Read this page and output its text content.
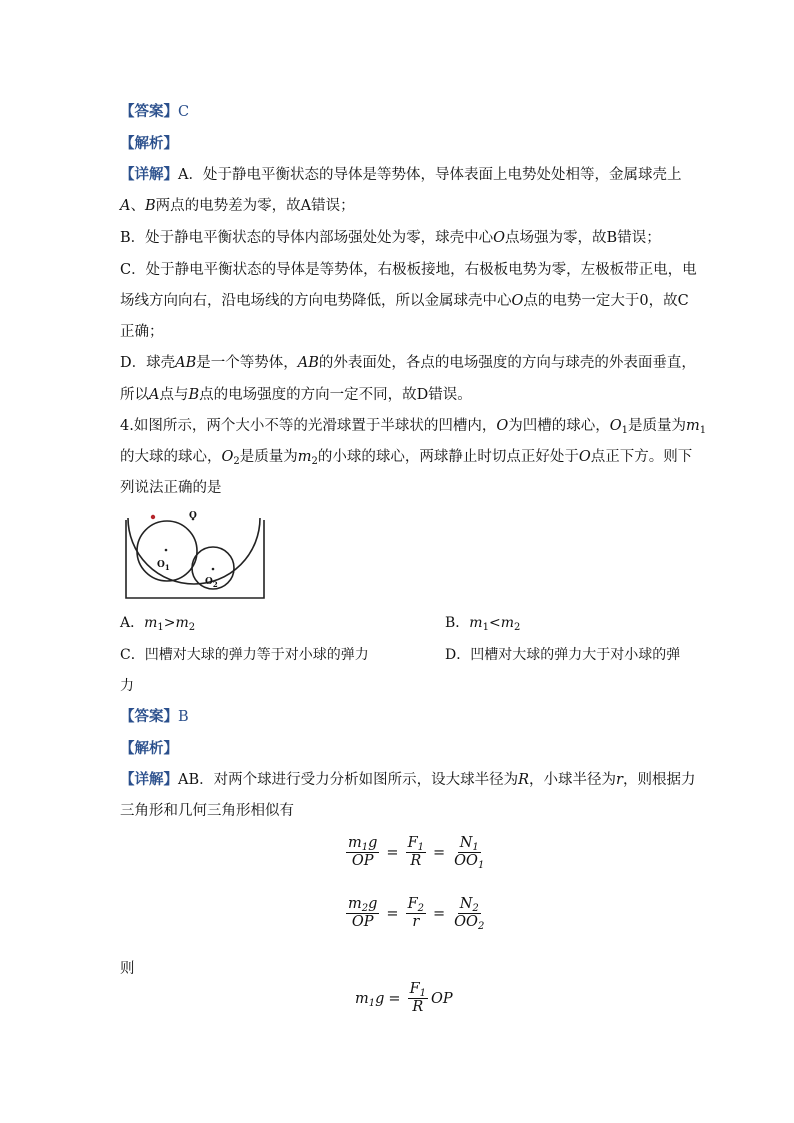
【答案】C
【解析】
【详解】A．处于静电平衡状态的导体是等势体，导体表面上电势处处相等，金属球壳上
A、B两点的电势差为零，故A错误；
B．处于静电平衡状态的导体内部场强处处为零，球壳中心O点场强为零，故B错误；
C．处于静电平衡状态的导体是等势体，右极板接地，右极板电势为零，左极板带正电，电
场线方向向右，沿电场线的方向电势降低，所以金属球壳中心O点的电势一定大于0，故C
正确；
D．球壳AB是一个等势体，AB的外表面处，各点的电场强度的方向与球壳的外表面垂直，
所以A点与B点的电场强度的方向一定不同，故D错误。
4.如图所示，两个大小不等的光滑球置于半球状的凹槽内，O为凹槽的球心，$O_1$是质量为$m_1$
的大球的球心，$O_2$是质量为$m_2$的小球的球心，两球静止时切点正好处于O点正下方。则下
列说法正确的是
O
$O_1$
$O_2$
A．$m_1>m_2$	B．$m_1<m_2$
C．凹槽对大球的弹力等于对小球的弹力	D．凹槽对大球的弹力大于对小球的弹
力
【答案】B
【解析】
【详解】AB．对两个球进行受力分析如图所示，设大球半径为R，小球半径为r，则根据力
三角形和几何三角形相似有
$\frac{m_1g}{OP} = \frac{F_1}{R} = \frac{N_1}{OO_1}$
$\frac{m_2g}{OP} = \frac{F_2}{r} = \frac{N_2}{OO_2}$
则
$m_1g = \frac{F_1}{R}$ OP
